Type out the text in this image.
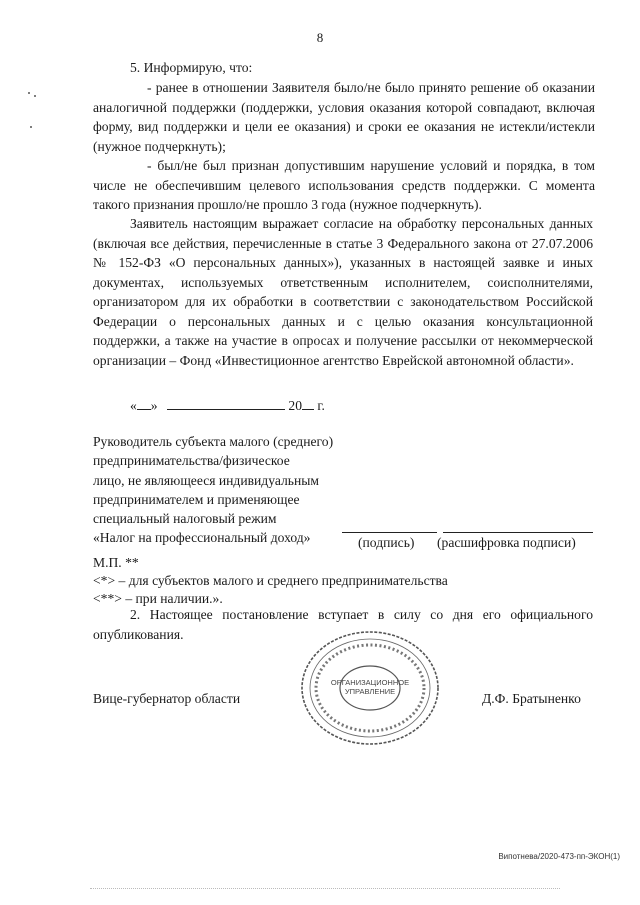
8
5. Информирую, что:

- ранее в отношении Заявителя было/не было принято решение об оказании аналогичной поддержки (поддержки, условия оказания которой совпадают, включая форму, вид поддержки и цели ее оказания) и сроки ее оказания не истекли/истекли (нужное подчеркнуть);

- был/не был признан допустившим нарушение условий и порядка, в том числе не обеспечившим целевого использования средств поддержки. С момента такого признания прошло/не прошло 3 года (нужное подчеркнуть).

Заявитель настоящим выражает согласие на обработку персональных данных (включая все действия, перечисленные в статье 3 Федерального закона от 27.07.2006 № 152-ФЗ «О персональных данных»), указанных в настоящей заявке и иных документах, используемых ответственным исполнителем, соисполнителями, организатором для их обработки в соответствии с законодательством Российской Федерации о персональных данных и с целью оказания консультационной поддержки, а также на участие в опросах и получение рассылки от некоммерческой организации – Фонд «Инвестиционное агентство Еврейской автономной области».

« »	20 г.
Руководитель субъекта малого (среднего)
предпринимательства/физическое
лицо, не являющееся индивидуальным
предпринимателем и применяющее
специальный налоговый режим
«Налог на профессиональный доход»	(подпись) (расшифровка подписи)
М.П. **
<*> – для субъектов малого и среднего предпринимательства
<**> – при наличии.».

2. Настоящее постановление вступает в силу со дня его официального опубликования.

Вице-губернатор области	Д.Ф. Братыненко
ОРГАНИЗАЦИОННОЕ
УПРАВЛЕНИЕ
Випотнева/2020-473-пп-ЭКОН(1)
